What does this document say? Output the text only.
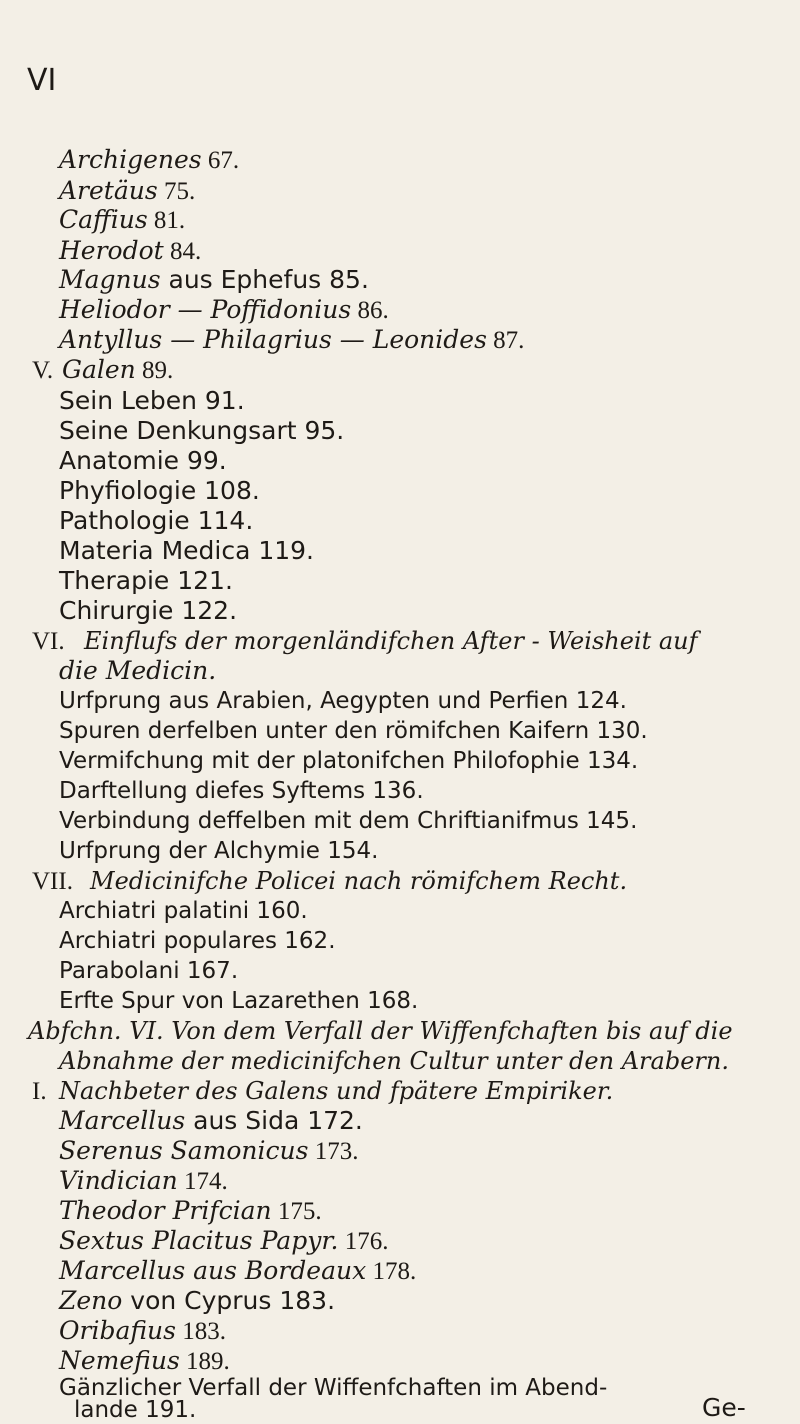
VI
Archigenes 67.
Aretäus 75.
Caffius 81.
Herodot 84.
Magnus aus Ephefus 85.
Heliodor — Poffidonius 86.
Antyllus — Philagrius — Leonides 87.
V. Galen 89.
Sein Leben 91.
Seine Denkungsart 95.
Anatomie 99.
Phyfiologie 108.
Pathologie 114.
Materia Medica 119.
Therapie 121.
Chirurgie 122.
VI. Einflufs der morgenländifchen After - Weisheit auf
die Medicin.
Urfprung aus Arabien, Aegypten und Perfien 124.
Spuren derfelben unter den römifchen Kaifern 130.
Vermifchung mit der platonifchen Philofophie 134.
Darftellung diefes Syftems 136.
Verbindung deffelben mit dem Chriftianifmus 145.
Urfprung der Alchymie 154.
VII. Medicinifche Policei nach römifchem Recht.
Archiatri palatini 160.
Archiatri populares 162.
Parabolani 167.
Erfte Spur von Lazarethen 168.
Abfchn. VI. Von dem Verfall der Wiffenfchaften bis auf die
Abnahme der medicinifchen Cultur unter den Arabern.
I. Nachbeter des Galens und fpätere Empiriker.
Marcellus aus Sida 172.
Serenus Samonicus 173.
Vindician 174.
Theodor Prifcian 175.
Sextus Placitus Papyr. 176.
Marcellus aus Bordeaux 178.
Zeno von Cyprus 183.
Oribafius 183.
Nemefius 189.
Gänzlicher Verfall der Wiffenfchaften im Abend-
lande 191.	Ge-
